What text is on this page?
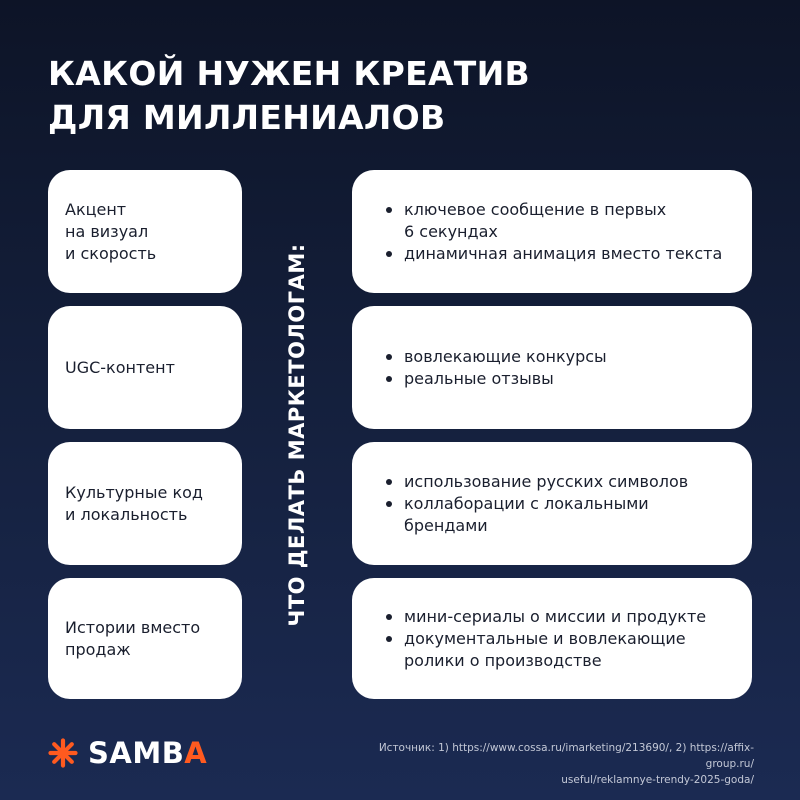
КАКОЙ НУЖЕН КРЕАТИВ
ДЛЯ МИЛЛЕНИАЛОВ
Акцент
на визуал
и скорость
ключевое сообщение в первых
6 секундах
динамичная анимация вместо текста
UGC-контент
вовлекающие конкурсы
реальные отзывы
Культурные код
и локальность
использование русских символов
коллаборации с локальными
брендами
Истории вместо
продаж
мини-сериалы о миссии и продукте
документальные и вовлекающие
ролики о производстве
ЧТО ДЕЛАТЬ МАРКЕТОЛОГАМ:
SAMBA	Источник: 1) https://www.cossa.ru/imarketing/213690/, 2) https://affix-group.ru/
useful/reklamnye-trendy-2025-goda/
